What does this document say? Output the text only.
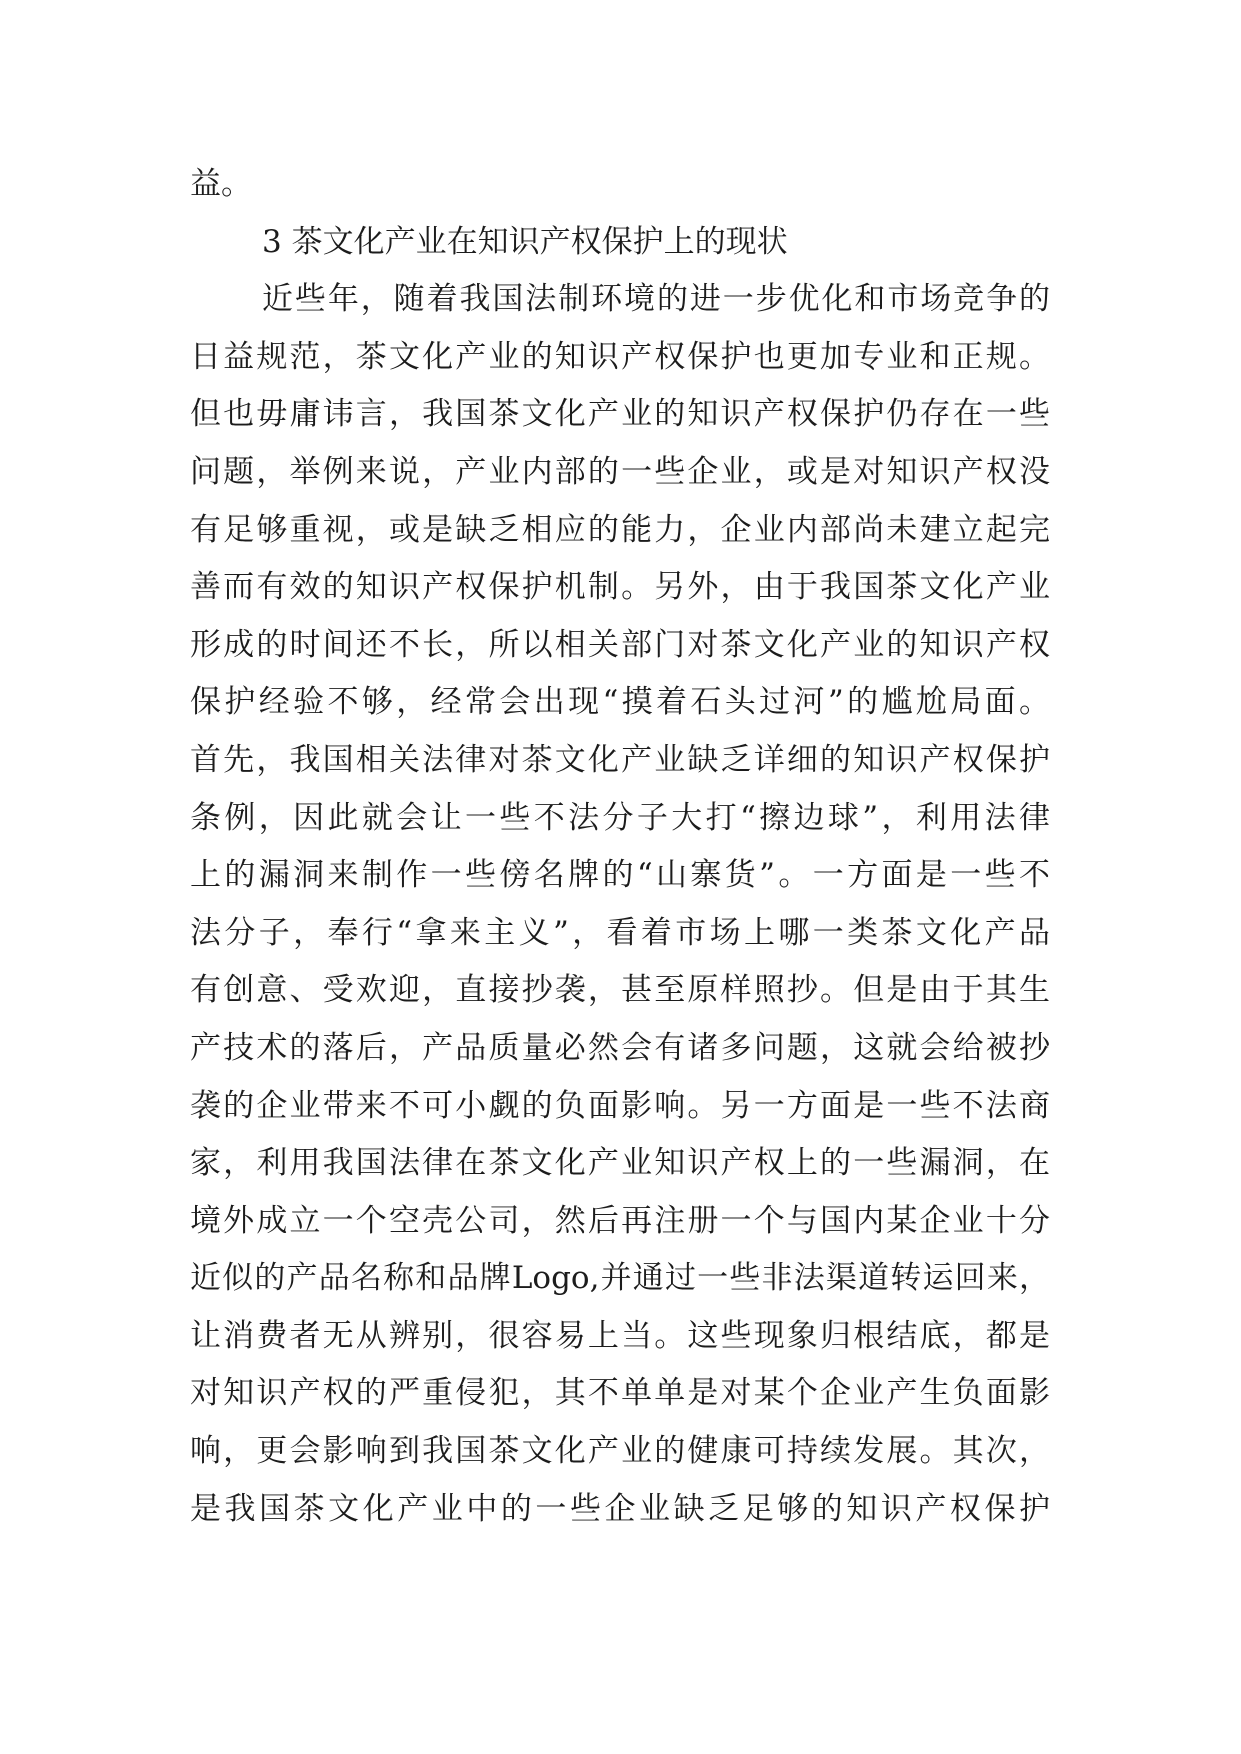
益。
3 茶文化产业在知识产权保护上的现状
近些年，随着我国法制环境的进一步优化和市场竞争的
日益规范，茶文化产业的知识产权保护也更加专业和正规。
但也毋庸讳言，我国茶文化产业的知识产权保护仍存在一些
问题，举例来说，产业内部的一些企业，或是对知识产权没
有足够重视，或是缺乏相应的能力，企业内部尚未建立起完
善而有效的知识产权保护机制。另外，由于我国茶文化产业
形成的时间还不长，所以相关部门对茶文化产业的知识产权
保护经验不够，经常会出现“摸着石头过河”的尴尬局面。
首先，我国相关法律对茶文化产业缺乏详细的知识产权保护
条例，因此就会让一些不法分子大打“擦边球”，利用法律
上的漏洞来制作一些傍名牌的“山寨货”。一方面是一些不
法分子，奉行“拿来主义”，看着市场上哪一类茶文化产品
有创意、受欢迎，直接抄袭，甚至原样照抄。但是由于其生
产技术的落后，产品质量必然会有诸多问题，这就会给被抄
袭的企业带来不可小觑的负面影响。另一方面是一些不法商
家，利用我国法律在茶文化产业知识产权上的一些漏洞，在
境外成立一个空壳公司，然后再注册一个与国内某企业十分
近似的产品名称和品牌Logo,并通过一些非法渠道转运回来，
让消费者无从辨别，很容易上当。这些现象归根结底，都是
对知识产权的严重侵犯，其不单单是对某个企业产生负面影
响，更会影响到我国茶文化产业的健康可持续发展。其次，
是我国茶文化产业中的一些企业缺乏足够的知识产权保护
